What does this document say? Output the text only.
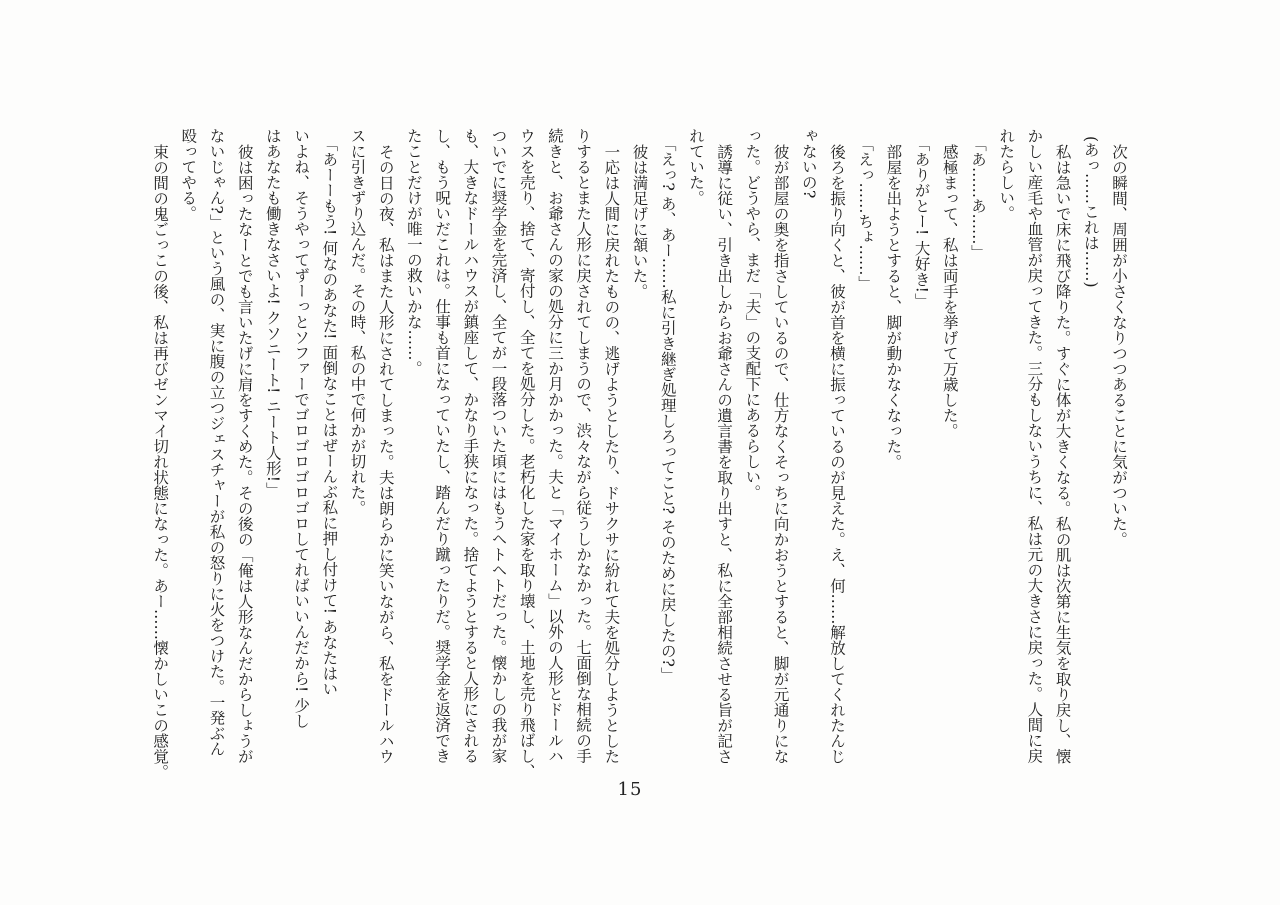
次の瞬間、周囲が小さくなりつつあることに気がついた。
(あっ……これは……)
私は急いで床に飛び降りた。すぐに体が大きくなる。私の肌は次第に生気を取り戻し、懐
かしい産毛や血管が戻ってきた。三分もしないうちに、私は元の大きさに戻った。人間に戻
れたらしい。
「あ……あ……」
感極まって、私は両手を挙げて万歳した。
「ありがとー! 大好き!」
部屋を出ようとすると、脚が動かなくなった。
「えっ……ちょ……」
後ろを振り向くと、彼が首を横に振っているのが見えた。え、何……解放してくれたんじ
ゃないの?
彼が部屋の奥を指さしているので、仕方なくそっちに向かおうとすると、脚が元通りにな
った。どうやら、まだ「夫」の支配下にあるらしい。
誘導に従い、引き出しからお爺さんの遺言書を取り出すと、私に全部相続させる旨が記さ
れていた。
「えっ? あ、あー……私に引き継ぎ処理しろってこと? そのために戻したの?」
彼は満足げに頷いた。
一応は人間に戻れたものの、逃げようとしたり、ドサクサに紛れて夫を処分しようとした
りするとまた人形に戻されてしまうので、渋々ながら従うしかなかった。七面倒な相続の手
続きと、お爺さんの家の処分に三か月かかった。夫と「マイホーム」以外の人形とドールハ
ウスを売り、捨て、寄付し、全てを処分した。老朽化した家を取り壊し、土地を売り飛ばし、
ついでに奨学金を完済し、全てが一段落ついた頃にはもうヘトヘトだった。懐かしの我が家
も、大きなドールハウスが鎮座して、かなり手狭になった。捨てようとすると人形にされる
し、もう呪いだこれは。仕事も首になっていたし、踏んだり蹴ったりだ。奨学金を返済でき
たことだけが唯一の救いかな……。
その日の夜、私はまた人形にされてしまった。夫は朗らかに笑いながら、私をドールハウ
スに引きずり込んだ。その時、私の中で何かが切れた。
「あーーもう! 何なのあなた! 面倒なことはぜーんぶ私に押し付けて! あなたはい
いよね、そうやってずーっとソファーでゴロゴロゴロゴロしてればいいんだから! 少し
はあなたも働きなさいよ! クソニート! ニート人形!」
彼は困ったなーとでも言いたげに肩をすくめた。その後の「俺は人形なんだからしょうが
ないじゃん?」という風の、実に腹の立つジェスチャーが私の怒りに火をつけた。一発ぶん
殴ってやる。
束の間の鬼ごっこの後、私は再びゼンマイ切れ状態になった。あー……懐かしいこの感覚。
15
